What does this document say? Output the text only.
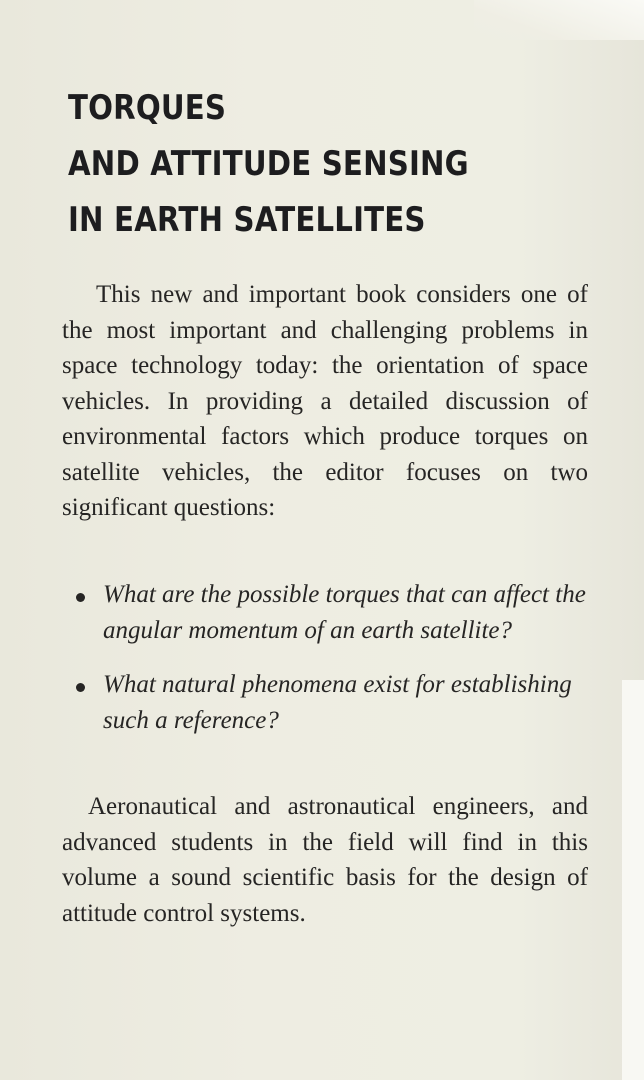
TORQUES
AND ATTITUDE SENSING
IN EARTH SATELLITES

This new and important book considers one of the most important and challenging problems in space technology today: the orientation of space vehicles. In providing a detailed discussion of environmental factors which produce torques on satellite vehicles, the editor focuses on two significant questions:

What are the possible torques that can affect the angular momentum of an earth satellite?
What natural phenomena exist for establishing such a reference?

Aeronautical and astronautical engineers, and advanced students in the field will find in this volume a sound scientific basis for the design of attitude control systems.
